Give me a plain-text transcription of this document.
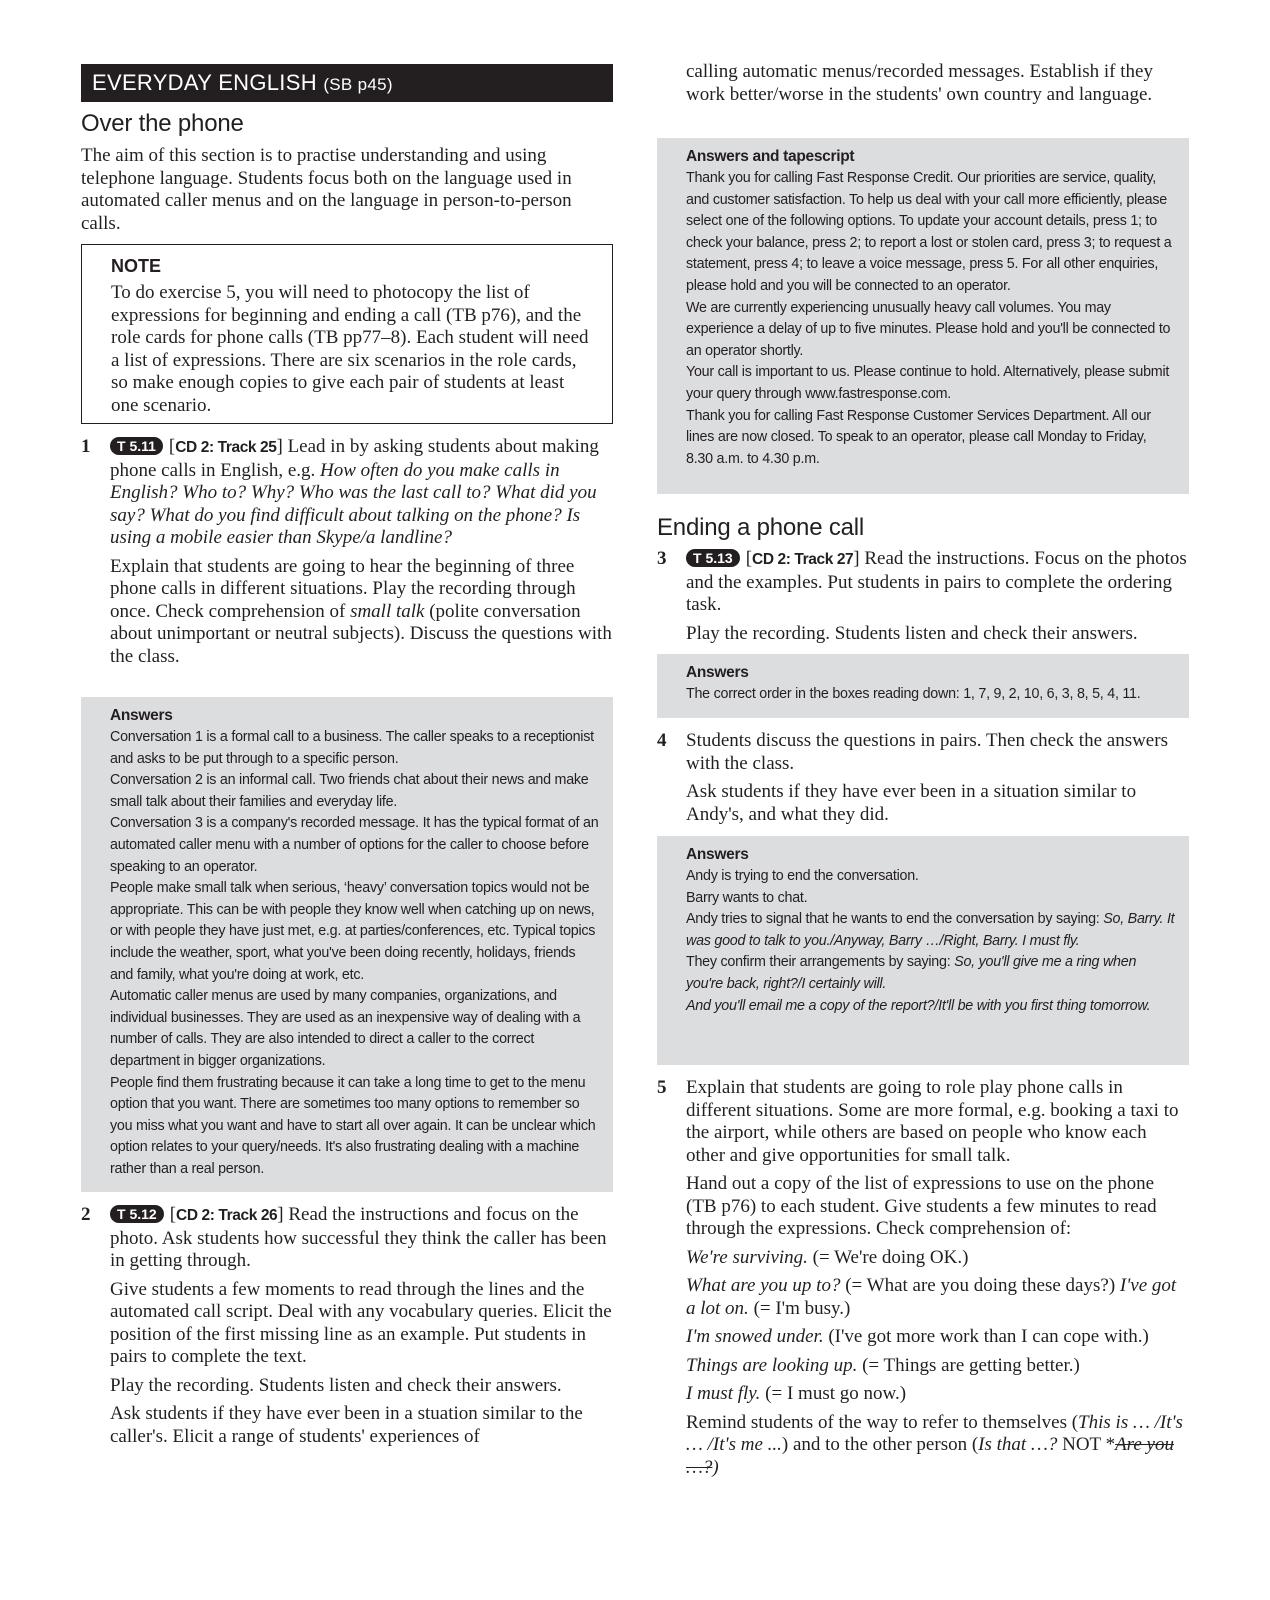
EVERYDAY ENGLISH (SB p45)
Over the phone

The aim of this section is to practise understanding and using telephone language. Students focus both on the language used in automated caller menus and on the language in person-to-person calls.

NOTE

To do exercise 5, you will need to photocopy the list of expressions for beginning and ending a call (TB p76), and the role cards for phone calls (TB pp77–8). Each student will need a list of expressions. There are six scenarios in the role cards, so make enough copies to give each pair of students at least one scenario.

1	T 5.11 [CD 2: Track 25] Lead in by asking students about making phone calls in English, e.g. How often do you make calls in English? Who to? Why? Who was the last call to? What did you say? What do you find difficult about talking on the phone? Is using a mobile easier than Skype/a landline?

Explain that students are going to hear the beginning of three phone calls in different situations. Play the recording through once. Check comprehension of small talk (polite conversation about unimportant or neutral subjects). Discuss the questions with the class.

Answers

Conversation 1 is a formal call to a business. The caller speaks to a receptionist and asks to be put through to a specific person.

Conversation 2 is an informal call. Two friends chat about their news and make small talk about their families and everyday life.

Conversation 3 is a company's recorded message. It has the typical format of an automated caller menu with a number of options for the caller to choose before speaking to an operator.

People make small talk when serious, ‘heavy’ conversation topics would not be appropriate. This can be with people they know well when catching up on news, or with people they have just met, e.g. at parties/conferences, etc. Typical topics include the weather, sport, what you've been doing recently, holidays, friends and family, what you're doing at work, etc.

Automatic caller menus are used by many companies, organizations, and individual businesses. They are used as an inexpensive way of dealing with a number of calls. They are also intended to direct a caller to the correct department in bigger organizations.

People find them frustrating because it can take a long time to get to the menu option that you want. There are sometimes too many options to remember so you miss what you want and have to start all over again. It can be unclear which option relates to your query/needs. It's also frustrating dealing with a machine rather than a real person.

2	T 5.12 [CD 2: Track 26] Read the instructions and focus on the photo. Ask students how successful they think the caller has been in getting through.

Give students a few moments to read through the lines and the automated call script. Deal with any vocabulary queries. Elicit the position of the first missing line as an example. Put students in pairs to complete the text.

Play the recording. Students listen and check their answers.

Ask students if they have ever been in a stuation similar to the caller's. Elicit a range of students' experiences of

calling automatic menus/recorded messages. Establish if they work better/worse in the students' own country and language.

Answers and tapescript

Thank you for calling Fast Response Credit. Our priorities are service, quality, and customer satisfaction. To help us deal with your call more efficiently, please select one of the following options. To update your account details, press 1; to check your balance, press 2; to report a lost or stolen card, press 3; to request a statement, press 4; to leave a voice message, press 5. For all other enquiries, please hold and you will be connected to an operator.

We are currently experiencing unusually heavy call volumes. You may experience a delay of up to five minutes. Please hold and you'll be connected to an operator shortly.

Your call is important to us. Please continue to hold. Alternatively, please submit your query through www.fastresponse.com.

Thank you for calling Fast Response Customer Services Department. All our lines are now closed. To speak to an operator, please call Monday to Friday, 8.30 a.m. to 4.30 p.m.

Ending a phone call
3	T 5.13 [CD 2: Track 27] Read the instructions. Focus on the photos and the examples. Put students in pairs to complete the ordering task.

Play the recording. Students listen and check their answers.

Answers

The correct order in the boxes reading down: 1, 7, 9, 2, 10, 6, 3, 8, 5, 4, 11.

4 Students discuss the questions in pairs. Then check the answers with the class.

Ask students if they have ever been in a situation similar to Andy's, and what they did.

Answers

Andy is trying to end the conversation.

Barry wants to chat.

Andy tries to signal that he wants to end the conversation by saying: So, Barry. It was good to talk to you./Anyway, Barry …/Right, Barry. I must fly.

They confirm their arrangements by saying: So, you'll give me a ring when you're back, right?/I certainly will.

And you'll email me a copy of the report?/It'll be with you first thing tomorrow.

5 Explain that students are going to role play phone calls in different situations. Some are more formal, e.g. booking a taxi to the airport, while others are based on people who know each other and give opportunities for small talk.

Hand out a copy of the list of expressions to use on the phone (TB p76) to each student. Give students a few minutes to read through the expressions. Check comprehension of:

We're surviving. (= We're doing OK.)

What are you up to? (= What are you doing these days?) I've got a lot on. (= I'm busy.)

I'm snowed under. (I've got more work than I can cope with.)

Things are looking up. (= Things are getting better.)

I must fly. (= I must go now.)

Remind students of the way to refer to themselves (This is … /It's … /It's me ...) and to the other person (Is that …? NOT *Are you …?)
